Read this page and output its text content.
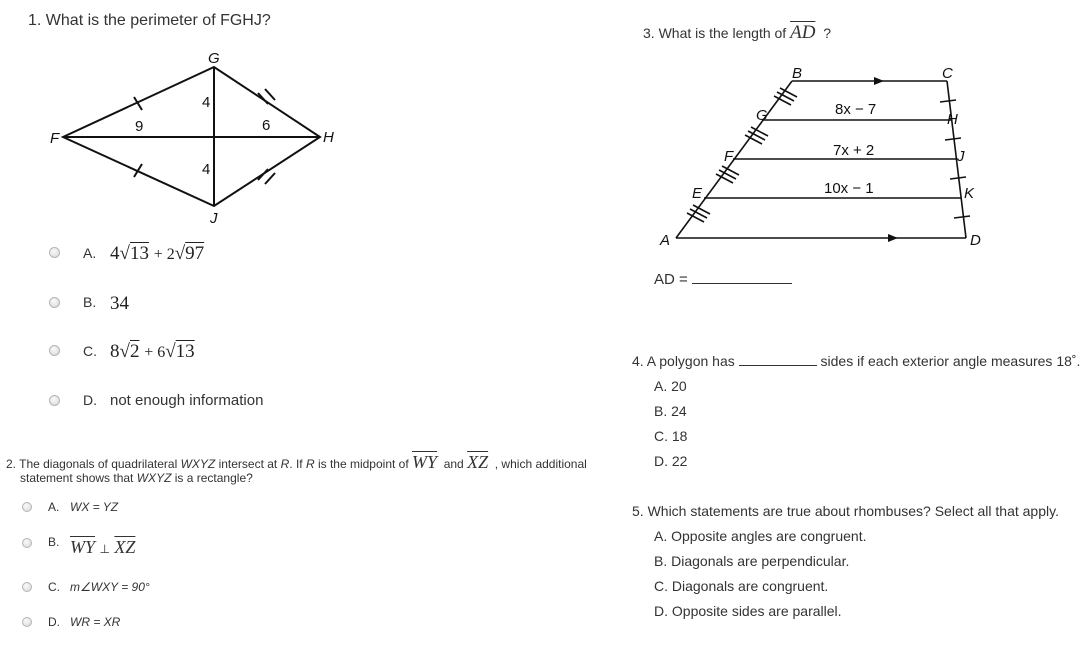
1. What is the perimeter of FGHJ?
F
G
H
J
9
4
4
6
A. 4√13 + 2√97
B. 34
C. 8√2 + 6√13
D. not enough information
2. The diagonals of quadrilateral WXYZ intersect at R. If R is the midpoint of $\overline{WY}$ and $\overline{XZ}$ , which additional
statement shows that WXYZ is a rectangle?
A. WX = YZ
B. $\overline{WY}$ ⊥ $\overline{XZ}$
C. m∠WXY = 90°
D. WR = XR
3. What is the length of $\overline{AD}$ ?
B	C
G	H
F	J
E	K
A	D
8x − 7
7x + 2
10x − 1
AD =
4. A polygon has	sides if each exterior angle measures 18˚.
A. 20
B. 24
C. 18
D. 22
5. Which statements are true about rhombuses? Select all that apply.
A. Opposite angles are congruent.
B. Diagonals are perpendicular.
C. Diagonals are congruent.
D. Opposite sides are parallel.
